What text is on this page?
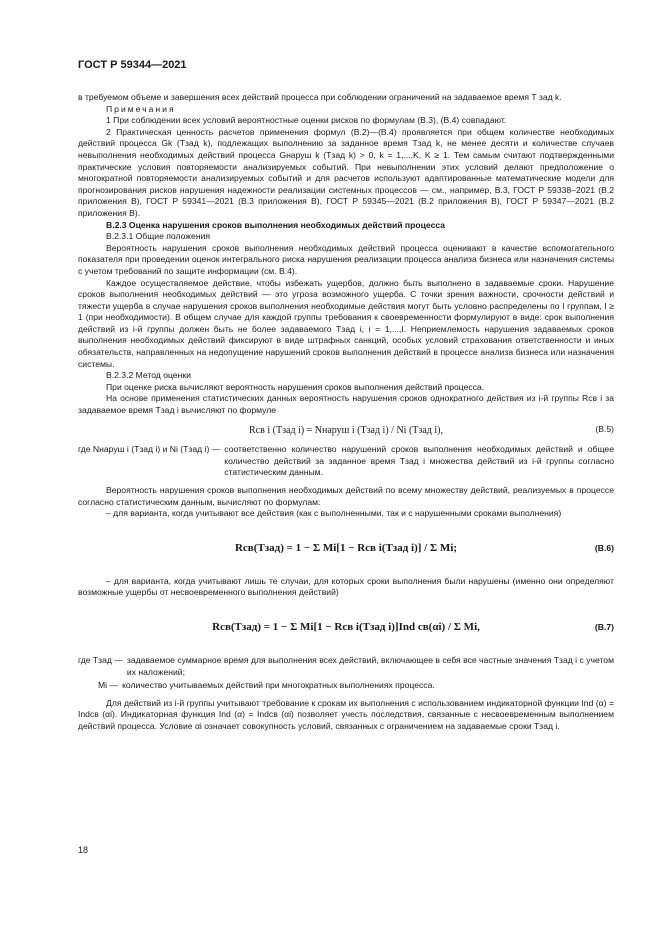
ГОСТ Р 59344—2021

в требуемом объеме и завершения всех действий процесса при соблюдении ограничений на задаваемое время T зад k.

Примечания

1 При соблюдении всех условий вероятностные оценки рисков по формулам (В.3), (В.4) совпадают.

2 Практическая ценность расчетов применения формул (В.2)—(В.4) проявляется при общем количестве необходимых действий процесса Gk (Tзад k), подлежащих выполнению за заданное время Tзад k, не менее десяти и количестве случаев невыполнения необходимых действий процесса Gнаруш k (Tзад k) > 0, k = 1,...,K, K ≥ 1. Тем самым считают подтвержденными практические условия повторяемости анализируемых событий. При невыполнении этих условий делают предположение о многократной повторяемости анализируемых событий и для расчетов используют адаптированные математические модели для прогнозирования рисков нарушения надежности реализации системных процессов — см., например, В.3, ГОСТ Р 59338–2021 (В.2 приложения В), ГОСТ Р 59341—2021 (В.3 приложения В), ГОСТ Р 59345—2021 (В.2 приложения В), ГОСТ Р 59347—2021 (В.2 приложения В).

В.2.3 Оценка нарушения сроков выполнения необходимых действий процесса

В.2.3.1 Общие положения

Вероятность нарушения сроков выполнения необходимых действий процесса оценивают в качестве вспомогательного показателя при проведении оценок интегрального риска нарушения реализации процесса анализа бизнеса или назначения системы с учетом требований по защите информации (см. В.4).

Каждое осуществляемое действие, чтобы избежать ущербов, должно быть выполнено в задаваемые сроки. Нарушение сроков выполнения необходимых действий — это угроза возможного ущерба. С точки зрения важности, срочности действий и тяжести ущерба в случае нарушения сроков выполнения необходимые действия могут быть условно распределены по I группам, I ≥ 1 (при необходимости). В общем случае для каждой группы требования к своевременности формулируют в виде: срок выполнения действий из i-й группы должен быть не более задаваемого Tзад i, i = 1,...,I. Неприемлемость нарушения задаваемых сроков выполнения необходимых действий фиксируют в виде штрафных санкций, особых условий страхования ответственности и иных обязательств, направленных на недопущение нарушений сроков выполнения действий в процессе анализа бизнеса или назначения системы.

В.2.3.2 Метод оценки

При оценке риска вычисляют вероятность нарушения сроков выполнения действий процесса.

На основе применения статистических данных вероятность нарушения сроков однократного действия из i-й группы Rсв i за задаваемое время Tзад i вычисляют по формуле

Rсв i (Tзад i) = Nнаруш i (Tзад i) / Ni (Tзад i),	(В.5)
где Nнаруш i (Tзад i) и Ni (Tзад i) — соответственно количество нарушений сроков выполнения необходимых действий и общее количество действий за заданное время Tзад i множества действий из i-й группы согласно статистическим данным.

Вероятность нарушения сроков выполнения необходимых действий по всему множеству действий, реализуемых в процессе согласно статистическим данным, вычисляют по формулам:

– для варианта, когда учитывают все действия (как с выполненными, так и с нарушенными сроками выполнения)

Rсв(Tзад) = 1 − Σ Mi[1 − Rсв i(Tзад i)] / Σ Mi;	(В.6)

– для варианта, когда учитывают лишь те случаи, для которых сроки выполнения были нарушены (именно они определяют возможные ущербы от несвоевременного выполнения действий)

Rсв(Tзад) = 1 − Σ Mi[1 − Rсв i(Tзад i)]Ind св(αi) / Σ Mi,	(В.7)
где Tзад — задаваемое суммарное время для выполнения всех действий, включающее в себя все частные значения Tзад i с учетом их наложений;
Mi — количество учитываемых действий при многократных выполнениях процесса.

Для действий из i-й группы учитывают требование к срокам их выполнения с использованием индикаторной функции Ind (α) = Indсв (αi). Индикаторная функция Ind (α) = Indсв (αi) позволяет учесть последствия, связанные с несвоевременным выполнением действий процесса. Условие αi означает совокупность условий, связанных с ограничением на задаваемые сроки Tзад i.

18
